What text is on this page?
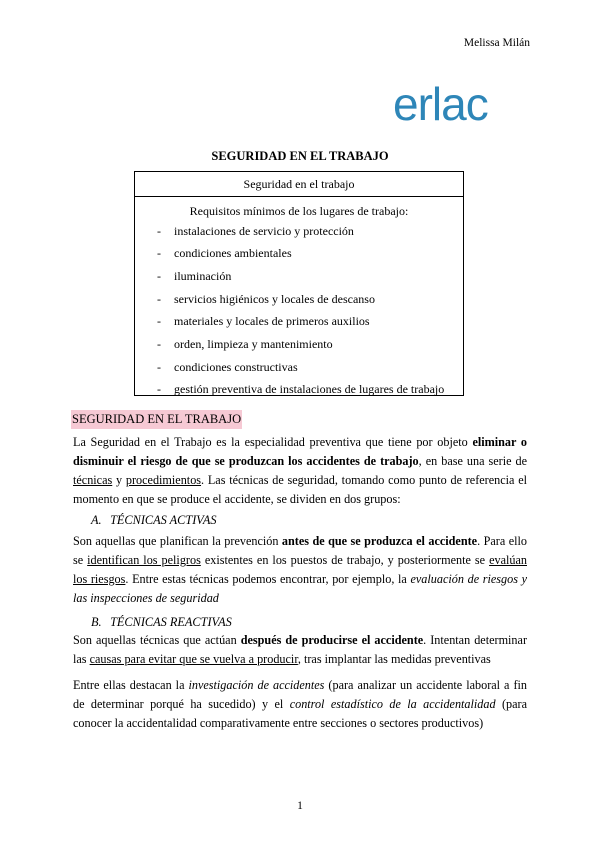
Melissa Milán
erlac
SEGURIDAD EN EL TRABAJO
Seguridad en el trabajo
Requisitos mínimos de los lugares de trabajo:
- instalaciones de servicio y protección
- condiciones ambientales
- iluminación
- servicios higiénicos y locales de descanso
- materiales y locales de primeros auxilios
- orden, limpieza y mantenimiento
- condiciones constructivas
- gestión preventiva de instalaciones de lugares de trabajo
SEGURIDAD EN EL TRABAJO
La Seguridad en el Trabajo es la especialidad preventiva que tiene por objeto eliminar o disminuir el riesgo de que se produzcan los accidentes de trabajo, en base una serie de técnicas y procedimientos. Las técnicas de seguridad, tomando como punto de referencia el momento en que se produce el accidente, se dividen en dos grupos:
A. TÉCNICAS ACTIVAS
Son aquellas que planifican la prevención antes de que se produzca el accidente. Para ello se identifican los peligros existentes en los puestos de trabajo, y posteriormente se evalúan los riesgos. Entre estas técnicas podemos encontrar, por ejemplo, la evaluación de riesgos y las inspecciones de seguridad
B. TÉCNICAS REACTIVAS
Son aquellas técnicas que actúan después de producirse el accidente. Intentan determinar las causas para evitar que se vuelva a producir, tras implantar las medidas preventivas
Entre ellas destacan la investigación de accidentes (para analizar un accidente laboral a fin de determinar porqué ha sucedido) y el control estadístico de la accidentalidad (para conocer la accidentalidad comparativamente entre secciones o sectores productivos)
1
